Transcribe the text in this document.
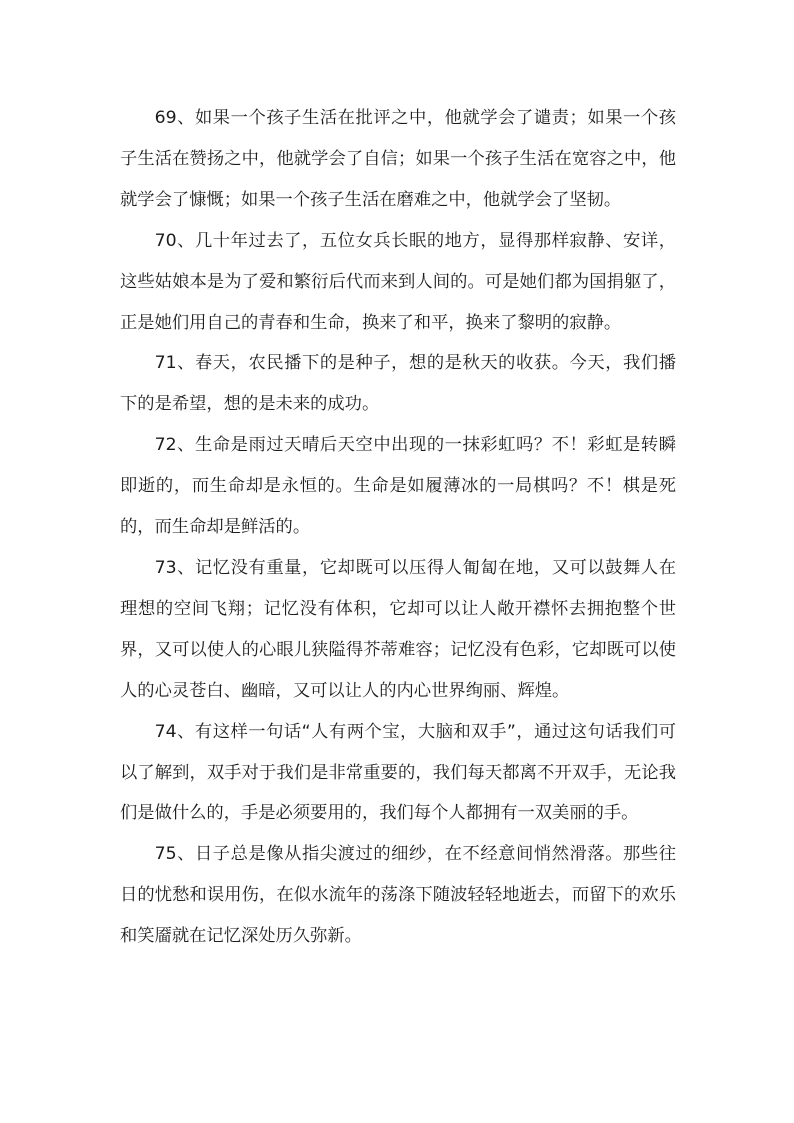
69、如果一个孩子生活在批评之中，他就学会了谴责；如果一个孩子生活在赞扬之中，他就学会了自信；如果一个孩子生活在宽容之中，他就学会了慷慨；如果一个孩子生活在磨难之中，他就学会了坚韧。

70、几十年过去了，五位女兵长眠的地方，显得那样寂静、安详，这些姑娘本是为了爱和繁衍后代而来到人间的。可是她们都为国捐躯了，正是她们用自己的青春和生命，换来了和平，换来了黎明的寂静。

71、春天，农民播下的是种子，想的是秋天的收获。今天，我们播下的是希望，想的是未来的成功。

72、生命是雨过天晴后天空中出现的一抹彩虹吗？不！彩虹是转瞬即逝的，而生命却是永恒的。生命是如履薄冰的一局棋吗？不！棋是死的，而生命却是鲜活的。

73、记忆没有重量，它却既可以压得人匍匐在地，又可以鼓舞人在理想的空间飞翔；记忆没有体积，它却可以让人敞开襟怀去拥抱整个世界，又可以使人的心眼儿狭隘得芥蒂难容；记忆没有色彩，它却既可以使人的心灵苍白、幽暗，又可以让人的内心世界绚丽、辉煌。

74、有这样一句话“人有两个宝，大脑和双手”，通过这句话我们可以了解到，双手对于我们是非常重要的，我们每天都离不开双手，无论我们是做什么的，手是必须要用的，我们每个人都拥有一双美丽的手。

75、日子总是像从指尖渡过的细纱，在不经意间悄然滑落。那些往日的忧愁和误用伤，在似水流年的荡涤下随波轻轻地逝去，而留下的欢乐和笑靥就在记忆深处历久弥新。
